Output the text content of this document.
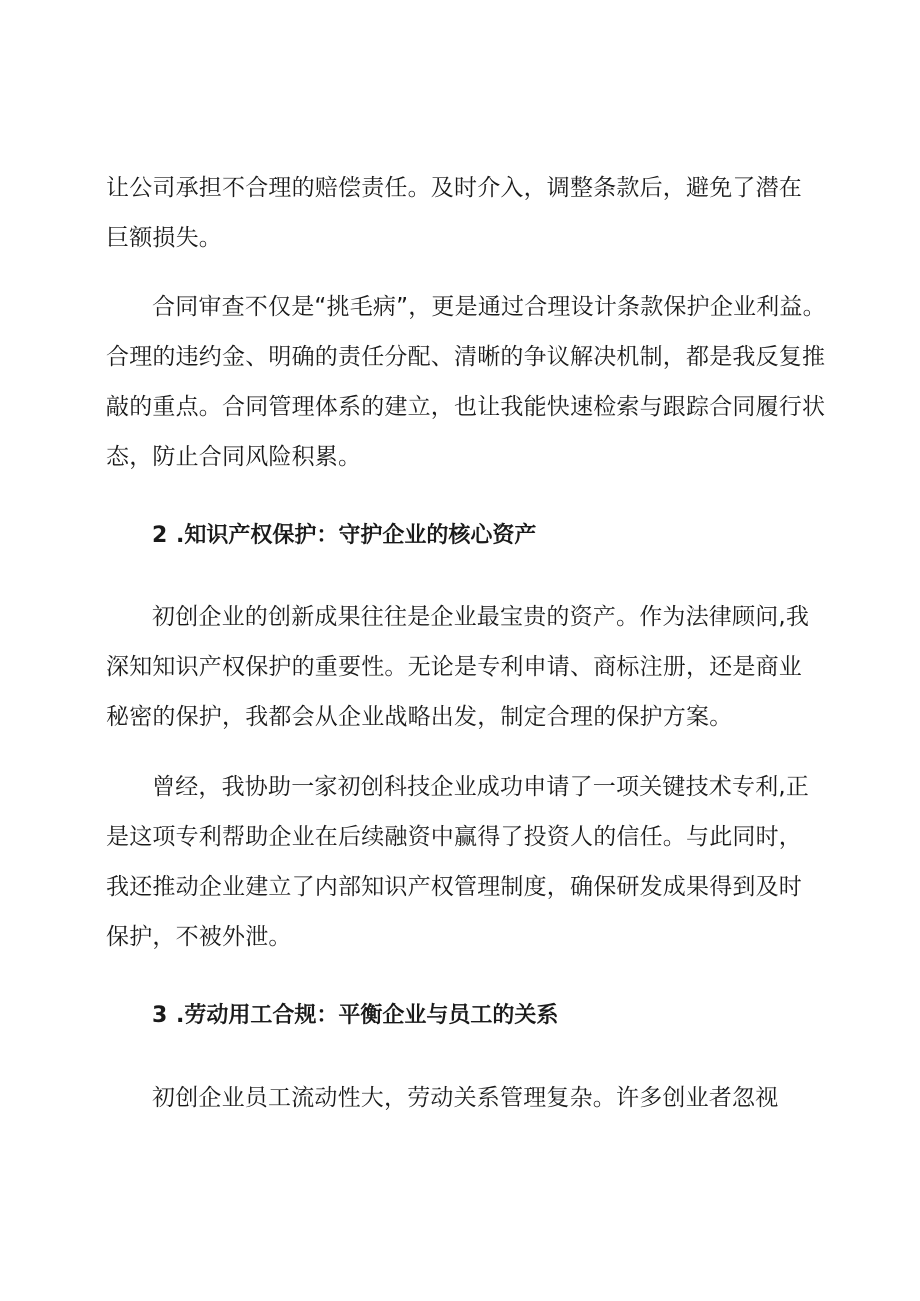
让公司承担不合理的赔偿责任。及时介入，调整条款后，避免了潜在
巨额损失。
合同审查不仅是“挑毛病”，更是通过合理设计条款保护企业利益。
合理的违约金、明确的责任分配、清晰的争议解决机制，都是我反复推
敲的重点。合同管理体系的建立，也让我能快速检索与跟踪合同履行状
态，防止合同风险积累。
2 .知识产权保护：守护企业的核心资产
初创企业的创新成果往往是企业最宝贵的资产。作为法律顾问,我
深知知识产权保护的重要性。无论是专利申请、商标注册，还是商业
秘密的保护，我都会从企业战略出发，制定合理的保护方案。
曾经，我协助一家初创科技企业成功申请了一项关键技术专利,正
是这项专利帮助企业在后续融资中赢得了投资人的信任。与此同时，
我还推动企业建立了内部知识产权管理制度，确保研发成果得到及时
保护，不被外泄。
3 .劳动用工合规：平衡企业与员工的关系
初创企业员工流动性大，劳动关系管理复杂。许多创业者忽视
